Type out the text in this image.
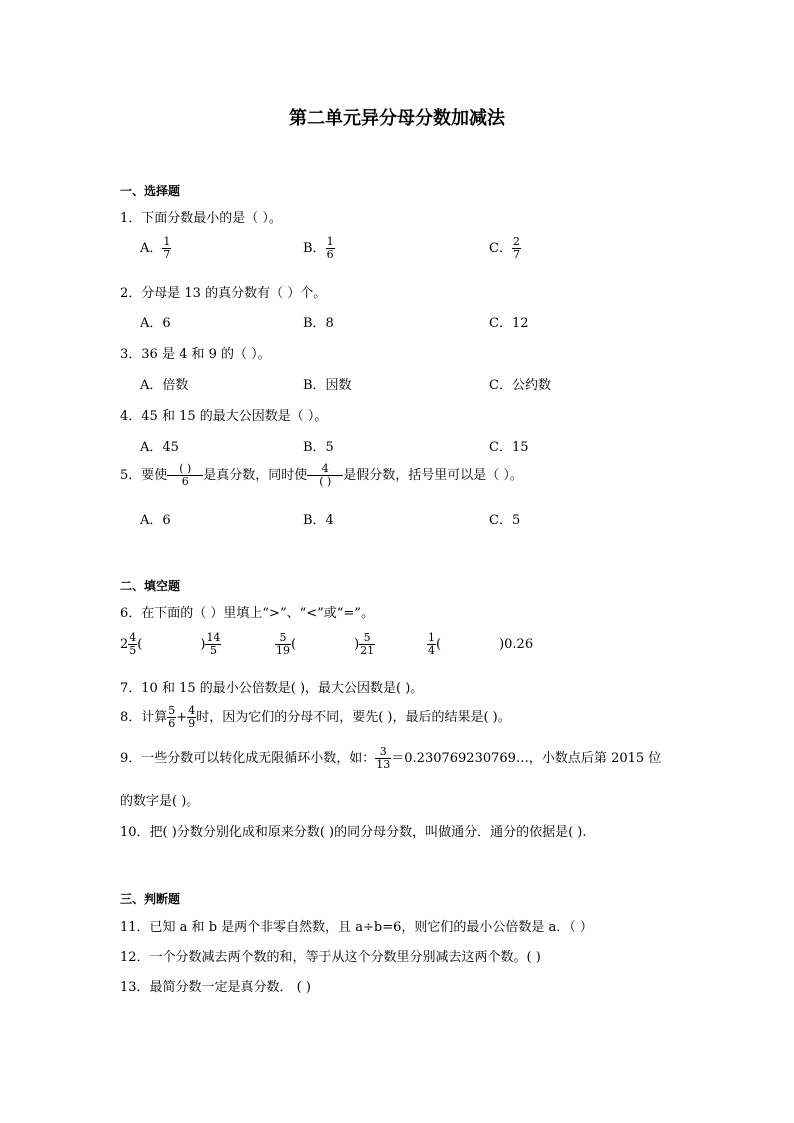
第二单元异分母分数加减法
一、选择题
1．下面分数最小的是（ ）。
A． $\frac{1}{7}$	B． $\frac{1}{6}$	C． $\frac{2}{7}$
2．分母是 13 的真分数有（ ）个。
A．6	B．8	C．12
3．36 是 4 和 9 的（ ）。
A．倍数	B．因数	C．公约数
4．45 和 15 的最大公因数是（ ）。
A．45	B．5	C．15
5．要使 $\frac{( )}{6}$ 是真分数，同时使 $\frac{4}{( )}$ 是假分数，括号里可以是（ ）。
A．6	B．4	C．5
二、填空题
6．在下面的（ ）里填上“>”、“<”或“=”。
$2 \frac{4}{5}$ (	) $\frac{14}{5}$	$\frac{5}{19}$ (	) $\frac{5}{21}$	$\frac{1}{4}$ (	)0.26
7．10 和 15 的最小公倍数是( )，最大公因数是( )。
8．计算 $\frac{5}{6} + \frac{4}{9}$ 时，因为它们的分母不同，要先( )，最后的结果是( )。
9．一些分数可以转化成无限循环小数，如： $\frac{3}{13}$ ＝0.230769230769…，小数点后第 2015 位
的数字是( )。
10．把( )分数分别化成和原来分数( )的同分母分数，叫做通分．通分的依据是( ).
三、判断题
11．已知 a 和 b 是两个非零自然数，且 a÷b=6，则它们的最小公倍数是 a．（ ）
12．一个分数减去两个数的和，等于从这个分数里分别减去这两个数。( )
13．最简分数一定是真分数． ( )
